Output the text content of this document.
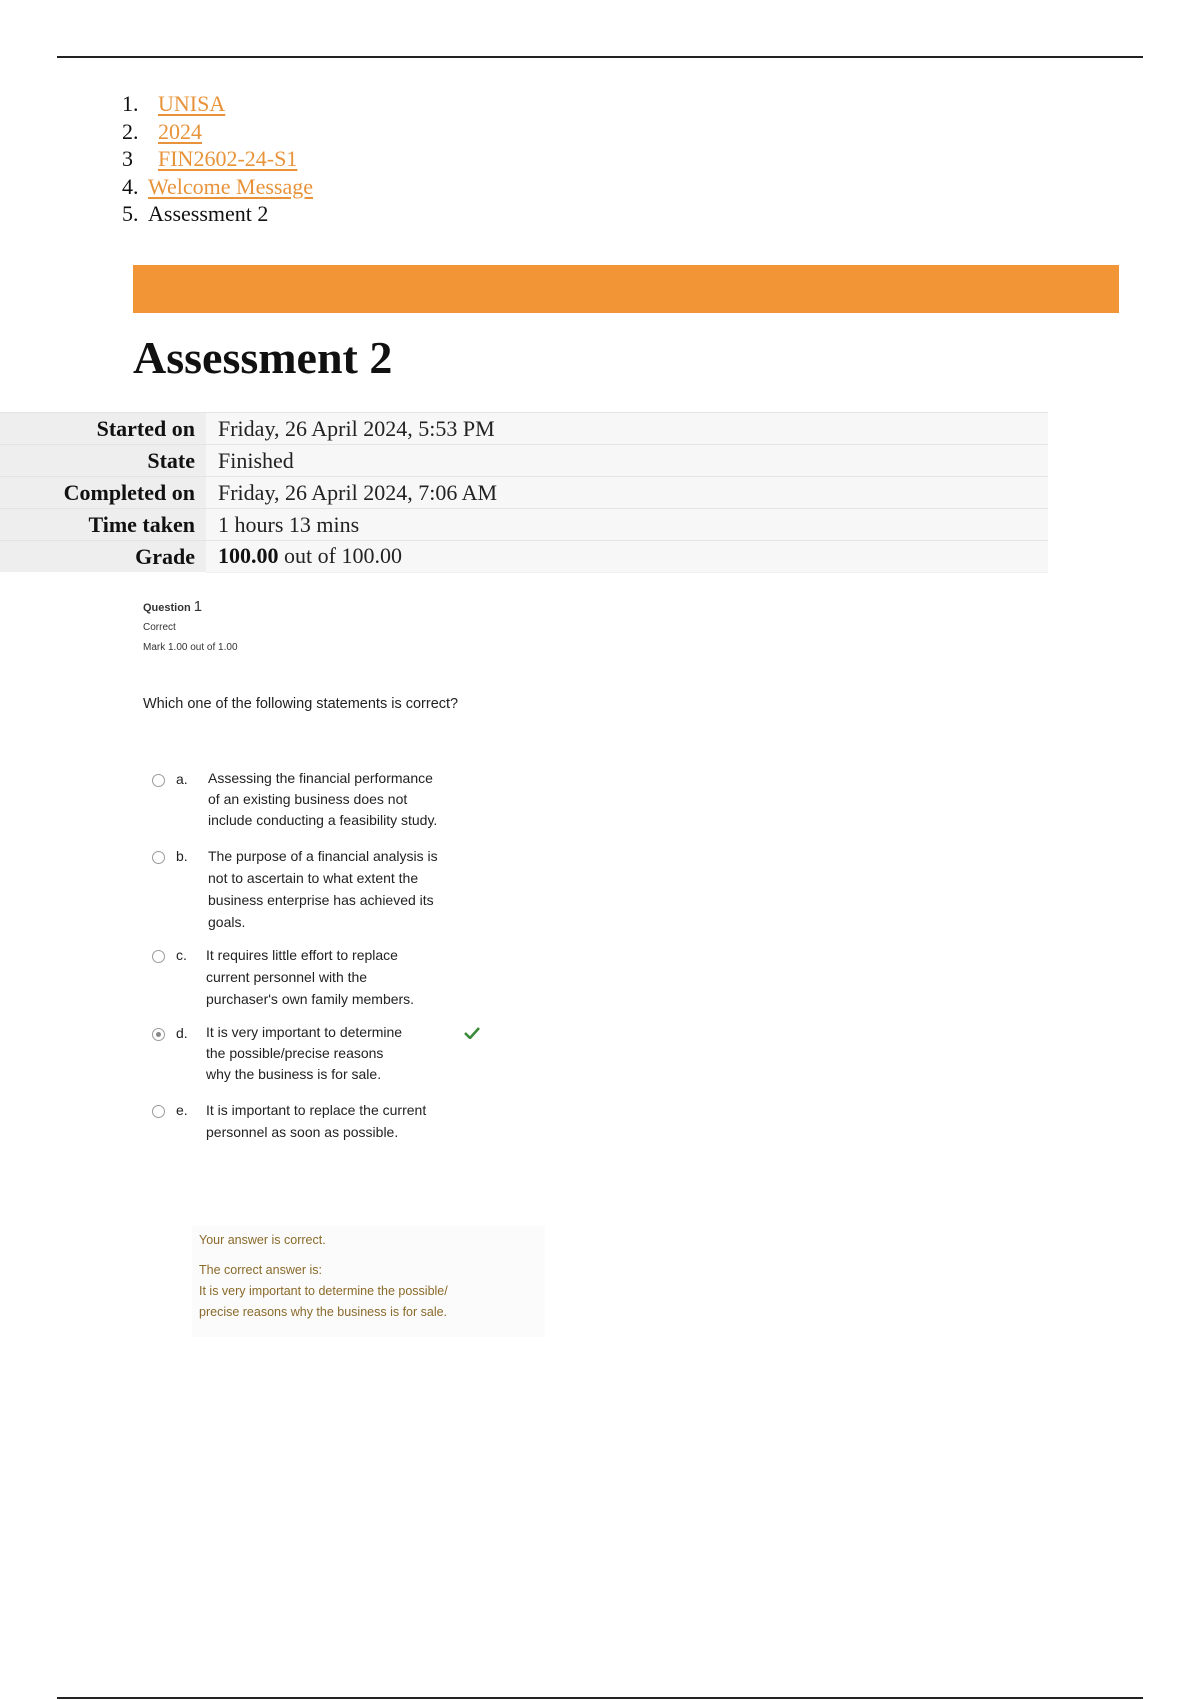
1. UNISA
2. 2024
3 FIN2602-24-S1
4. Welcome Message
5. Assessment 2
Assessment 2
Started on	Friday, 26 April 2024, 5:53 PM
State	Finished
Completed on	Friday, 26 April 2024, 7:06 AM
Time taken	1 hours 13 mins
Grade	100.00 out of 100.00
Question 1
Correct
Mark 1.00 out of 1.00
Which one of the following statements is correct?
a.	Assessing the financial performance
of an existing business does not
include conducting a feasibility study.
b.	The purpose of a financial analysis is
not to ascertain to what extent the
business enterprise has achieved its
goals.
c.	It requires little effort to replace
current personnel with the
purchaser's own family members.
d.	It is very important to determine
the possible/precise reasons
why the business is for sale.
e.	It is important to replace the current
personnel as soon as possible.
Your answer is correct.
The correct answer is:
It is very important to determine the possible/
precise reasons why the business is for sale.
